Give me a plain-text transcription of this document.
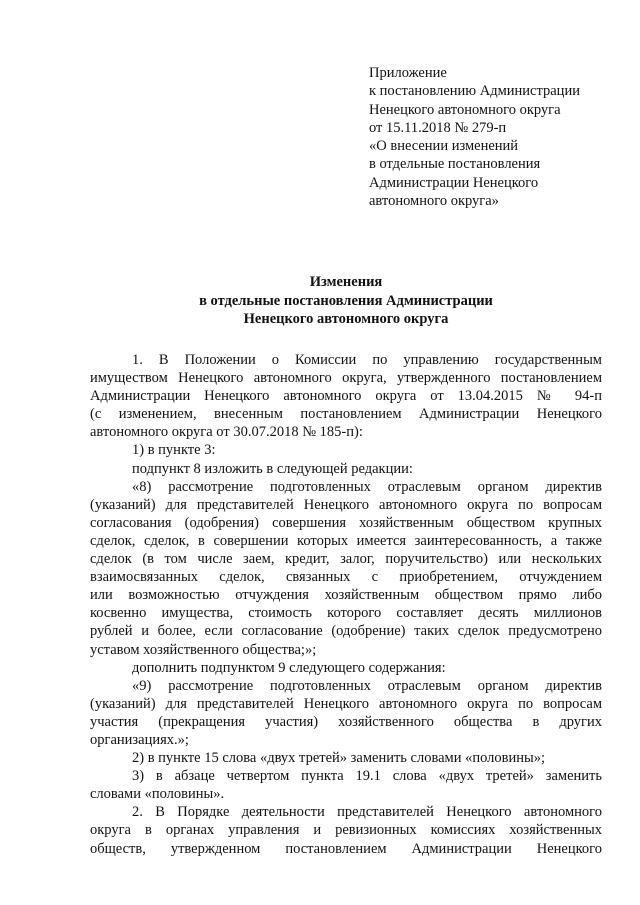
Приложение
к постановлению Администрации
Ненецкого автономного округа
от 15.11.2018 № 279-п
«О внесении изменений
в отдельные постановления
Администрации Ненецкого
автономного округа»
Изменения
в отдельные постановления Администрации
Ненецкого автономного округа

1. В Положении о Комиссии по управлению государственным

имуществом Ненецкого автономного округа, утвержденного постановлением

Администрации Ненецкого автономного округа от 13.04.2015 № 94-п

(с изменением, внесенным постановлением Администрации Ненецкого

автономного округа от 30.07.2018 № 185-п):

1) в пункте 3:

подпункт 8 изложить в следующей редакции:

«8) рассмотрение подготовленных отраслевым органом директив

(указаний) для представителей Ненецкого автономного округа по вопросам

согласования (одобрения) совершения хозяйственным обществом крупных

сделок, сделок, в совершении которых имеется заинтересованность, а также

сделок (в том числе заем, кредит, залог, поручительство) или нескольких

взаимосвязанных сделок, связанных с приобретением, отчуждением

или возможностью отчуждения хозяйственным обществом прямо либо

косвенно имущества, стоимость которого составляет десять миллионов

рублей и более, если согласование (одобрение) таких сделок предусмотрено

уставом хозяйственного общества;»;

дополнить подпунктом 9 следующего содержания:

«9) рассмотрение подготовленных отраслевым органом директив

(указаний) для представителей Ненецкого автономного округа по вопросам

участия (прекращения участия) хозяйственного общества в других

организациях.»;

2) в пункте 15 слова «двух третей» заменить словами «половины»;

3) в абзаце четвертом пункта 19.1 слова «двух третей» заменить

словами «половины».

2. В Порядке деятельности представителей Ненецкого автономного

округа в органах управления и ревизионных комиссиях хозяйственных

обществ, утвержденном постановлением Администрации Ненецкого
